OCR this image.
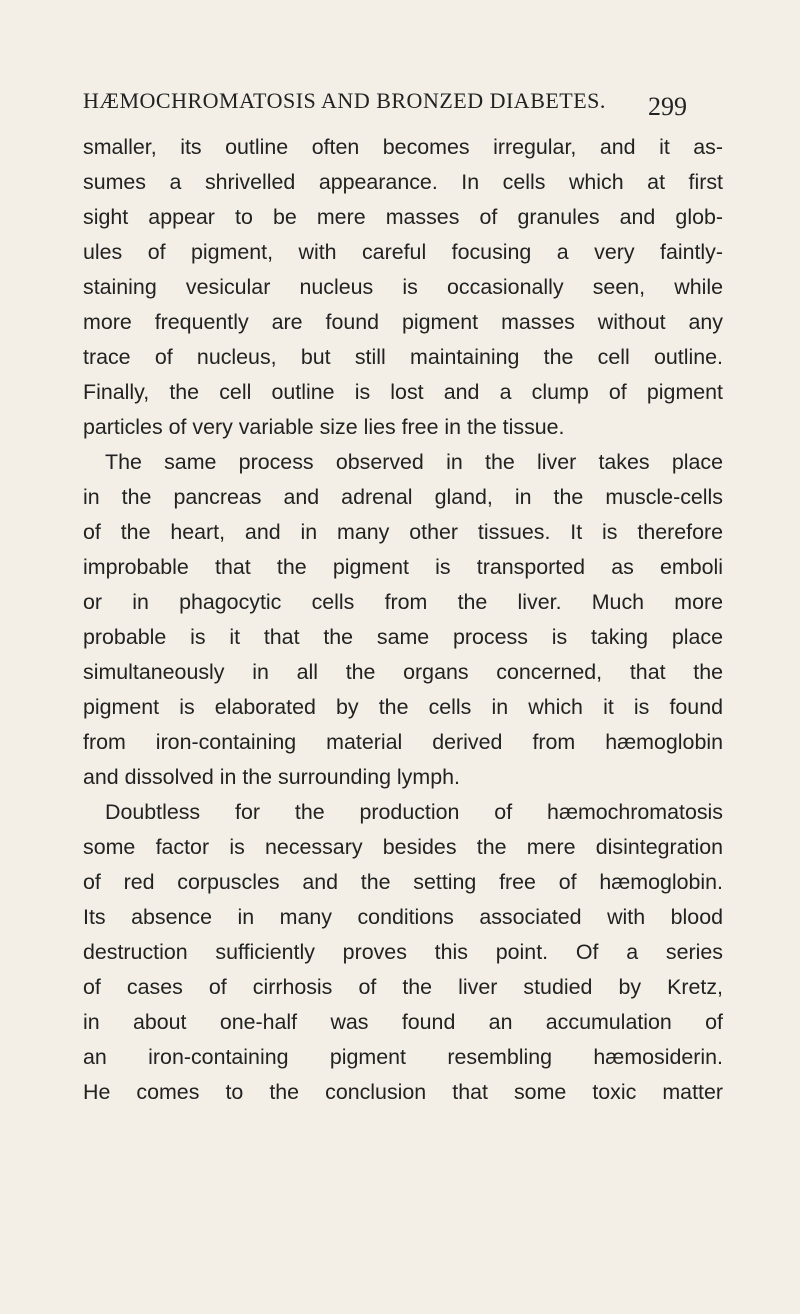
HÆMOCHROMATOSIS AND BRONZED DIABETES. 299
smaller, its outline often becomes irregular, and it as-
sumes a shrivelled appearance. In cells which at first
sight appear to be mere masses of granules and glob-
ules of pigment, with careful focusing a very faintly-
staining vesicular nucleus is occasionally seen, while
more frequently are found pigment masses without any
trace of nucleus, but still maintaining the cell outline.
Finally, the cell outline is lost and a clump of pigment
particles of very variable size lies free in the tissue.
The same process observed in the liver takes place
in the pancreas and adrenal gland, in the muscle-cells
of the heart, and in many other tissues. It is therefore
improbable that the pigment is transported as emboli
or in phagocytic cells from the liver. Much more
probable is it that the same process is taking place
simultaneously in all the organs concerned, that the
pigment is elaborated by the cells in which it is found
from iron-containing material derived from hæmoglobin
and dissolved in the surrounding lymph.
Doubtless for the production of hæmochromatosis
some factor is necessary besides the mere disintegration
of red corpuscles and the setting free of hæmoglobin.
Its absence in many conditions associated with blood
destruction sufficiently proves this point. Of a series
of cases of cirrhosis of the liver studied by Kretz,
in about one-half was found an accumulation of
an iron-containing pigment resembling hæmosiderin.
He comes to the conclusion that some toxic matter
